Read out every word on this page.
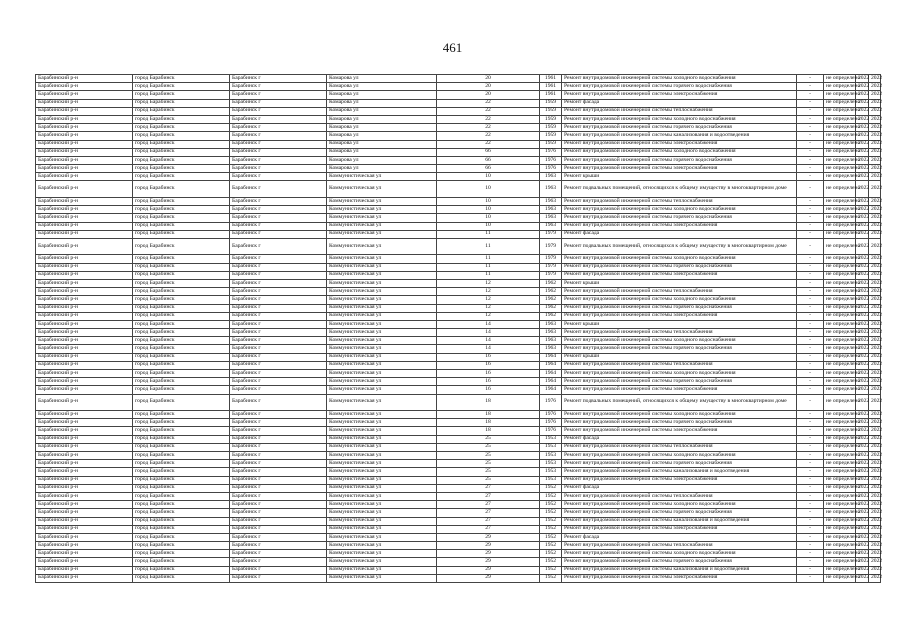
461
Барабинский р-н	город Барабинск	Барабинск г	Комарова ул	20	1961	Ремонт внутридомовой инженерной системы холодного водоснабжения	-	не определено	2022	2022
Барабинский р-н	город Барабинск	Барабинск г	Комарова ул	20	1961	Ремонт внутридомовой инженерной системы горячего водоснабжения	-	не определено	2022	2022
Барабинский р-н	город Барабинск	Барабинск г	Комарова ул	20	1961	Ремонт внутридомовой инженерной системы электроснабжения	-	не определено	2022	2022
Барабинский р-н	город Барабинск	Барабинск г	Комарова ул	22	1959	Ремонт фасада	-	не определено	2022	2022
Барабинский р-н	город Барабинск	Барабинск г	Комарова ул	22	1959	Ремонт внутридомовой инженерной системы теплоснабжения	-	не определено	2022	2022
Барабинский р-н	город Барабинск	Барабинск г	Комарова ул	22	1959	Ремонт внутридомовой инженерной системы холодного водоснабжения	-	не определено	2022	2022
Барабинский р-н	город Барабинск	Барабинск г	Комарова ул	22	1959	Ремонт внутридомовой инженерной системы горячего водоснабжения	-	не определено	2022	2022
Барабинский р-н	город Барабинск	Барабинск г	Комарова ул	22	1959	Ремонт внутридомовой инженерной системы канализования и водоотведения	-	не определено	2022	2022
Барабинский р-н	город Барабинск	Барабинск г	Комарова ул	22	1959	Ремонт внутридомовой инженерной системы электроснабжения	-	не определено	2022	2022
Барабинский р-н	город Барабинск	Барабинск г	Комарова ул	66	1976	Ремонт внутридомовой инженерной системы холодного водоснабжения	-	не определено	2022	2022
Барабинский р-н	город Барабинск	Барабинск г	Комарова ул	66	1976	Ремонт внутридомовой инженерной системы горячего водоснабжения	-	не определено	2022	2022
Барабинский р-н	город Барабинск	Барабинск г	Комарова ул	66	1976	Ремонт внутридомовой инженерной системы электроснабжения	-	не определено	2022	2022
Барабинский р-н	город Барабинск	Барабинск г	Коммунистическая ул	10	1963	Ремонт крыши	-	не определено	2022	2022
Барабинский р-н	город Барабинск	Барабинск г	Коммунистическая ул	10	1963	Ремонт подвальных помещений, относящихся к общему имуществу в многоквартирном доме	-	не определено	2022	2022
Барабинский р-н	город Барабинск	Барабинск г	Коммунистическая ул	10	1963	Ремонт внутридомовой инженерной системы теплоснабжения	-	не определено	2022	2022
Барабинский р-н	город Барабинск	Барабинск г	Коммунистическая ул	10	1963	Ремонт внутридомовой инженерной системы холодного водоснабжения	-	не определено	2022	2022
Барабинский р-н	город Барабинск	Барабинск г	Коммунистическая ул	10	1963	Ремонт внутридомовой инженерной системы горячего водоснабжения	-	не определено	2022	2022
Барабинский р-н	город Барабинск	Барабинск г	Коммунистическая ул	10	1963	Ремонт внутридомовой инженерной системы электроснабжения	-	не определено	2022	2022
Барабинский р-н	город Барабинск	Барабинск г	Коммунистическая ул	11	1979	Ремонт фасада	-	не определено	2022	2022
Барабинский р-н	город Барабинск	Барабинск г	Коммунистическая ул	11	1979	Ремонт подвальных помещений, относящихся к общему имуществу в многоквартирном доме	-	не определено	2022	2022
Барабинский р-н	город Барабинск	Барабинск г	Коммунистическая ул	11	1979	Ремонт внутридомовой инженерной системы холодного водоснабжения	-	не определено	2022	2022
Барабинский р-н	город Барабинск	Барабинск г	Коммунистическая ул	11	1979	Ремонт внутридомовой инженерной системы горячего водоснабжения	-	не определено	2022	2022
Барабинский р-н	город Барабинск	Барабинск г	Коммунистическая ул	11	1979	Ремонт внутридомовой инженерной системы электроснабжения	-	не определено	2022	2022
Барабинский р-н	город Барабинск	Барабинск г	Коммунистическая ул	12	1962	Ремонт крыши	-	не определено	2022	2022
Барабинский р-н	город Барабинск	Барабинск г	Коммунистическая ул	12	1962	Ремонт внутридомовой инженерной системы теплоснабжения	-	не определено	2022	2022
Барабинский р-н	город Барабинск	Барабинск г	Коммунистическая ул	12	1962	Ремонт внутридомовой инженерной системы холодного водоснабжения	-	не определено	2022	2022
Барабинский р-н	город Барабинск	Барабинск г	Коммунистическая ул	12	1962	Ремонт внутридомовой инженерной системы горячего водоснабжения	-	не определено	2022	2022
Барабинский р-н	город Барабинск	Барабинск г	Коммунистическая ул	12	1962	Ремонт внутридомовой инженерной системы электроснабжения	-	не определено	2022	2022
Барабинский р-н	город Барабинск	Барабинск г	Коммунистическая ул	14	1963	Ремонт крыши	-	не определено	2022	2022
Барабинский р-н	город Барабинск	Барабинск г	Коммунистическая ул	14	1963	Ремонт внутридомовой инженерной системы теплоснабжения	-	не определено	2022	2022
Барабинский р-н	город Барабинск	Барабинск г	Коммунистическая ул	14	1963	Ремонт внутридомовой инженерной системы холодного водоснабжения	-	не определено	2022	2022
Барабинский р-н	город Барабинск	Барабинск г	Коммунистическая ул	14	1963	Ремонт внутридомовой инженерной системы горячего водоснабжения	-	не определено	2022	2022
Барабинский р-н	город Барабинск	Барабинск г	Коммунистическая ул	16	1964	Ремонт крыши	-	не определено	2022	2022
Барабинский р-н	город Барабинск	Барабинск г	Коммунистическая ул	16	1964	Ремонт внутридомовой инженерной системы теплоснабжения	-	не определено	2022	2022
Барабинский р-н	город Барабинск	Барабинск г	Коммунистическая ул	16	1964	Ремонт внутридомовой инженерной системы холодного водоснабжения	-	не определено	2022	2022
Барабинский р-н	город Барабинск	Барабинск г	Коммунистическая ул	16	1964	Ремонт внутридомовой инженерной системы горячего водоснабжения	-	не определено	2022	2022
Барабинский р-н	город Барабинск	Барабинск г	Коммунистическая ул	16	1964	Ремонт внутридомовой инженерной системы электроснабжения	-	не определено	2022	2022
Барабинский р-н	город Барабинск	Барабинск г	Коммунистическая ул	18	1976	Ремонт подвальных помещений, относящихся к общему имуществу в многоквартирном доме	-	не определено	2022	2022
Барабинский р-н	город Барабинск	Барабинск г	Коммунистическая ул	18	1976	Ремонт внутридомовой инженерной системы холодного водоснабжения	-	не определено	2022	2022
Барабинский р-н	город Барабинск	Барабинск г	Коммунистическая ул	18	1976	Ремонт внутридомовой инженерной системы горячего водоснабжения	-	не определено	2022	2022
Барабинский р-н	город Барабинск	Барабинск г	Коммунистическая ул	18	1976	Ремонт внутридомовой инженерной системы электроснабжения	-	не определено	2022	2022
Барабинский р-н	город Барабинск	Барабинск г	Коммунистическая ул	25	1953	Ремонт фасада	-	не определено	2022	2022
Барабинский р-н	город Барабинск	Барабинск г	Коммунистическая ул	25	1953	Ремонт внутридомовой инженерной системы теплоснабжения	-	не определено	2022	2022
Барабинский р-н	город Барабинск	Барабинск г	Коммунистическая ул	25	1953	Ремонт внутридомовой инженерной системы холодного водоснабжения	-	не определено	2022	2022
Барабинский р-н	город Барабинск	Барабинск г	Коммунистическая ул	25	1953	Ремонт внутридомовой инженерной системы горячего водоснабжения	-	не определено	2022	2022
Барабинский р-н	город Барабинск	Барабинск г	Коммунистическая ул	25	1953	Ремонт внутридомовой инженерной системы канализования и водоотведения	-	не определено	2022	2022
Барабинский р-н	город Барабинск	Барабинск г	Коммунистическая ул	25	1953	Ремонт внутридомовой инженерной системы электроснабжения	-	не определено	2022	2022
Барабинский р-н	город Барабинск	Барабинск г	Коммунистическая ул	27	1952	Ремонт фасада	-	не определено	2022	2022
Барабинский р-н	город Барабинск	Барабинск г	Коммунистическая ул	27	1952	Ремонт внутридомовой инженерной системы теплоснабжения	-	не определено	2022	2022
Барабинский р-н	город Барабинск	Барабинск г	Коммунистическая ул	27	1952	Ремонт внутридомовой инженерной системы холодного водоснабжения	-	не определено	2022	2022
Барабинский р-н	город Барабинск	Барабинск г	Коммунистическая ул	27	1952	Ремонт внутридомовой инженерной системы горячего водоснабжения	-	не определено	2022	2022
Барабинский р-н	город Барабинск	Барабинск г	Коммунистическая ул	27	1952	Ремонт внутридомовой инженерной системы канализования и водоотведения	-	не определено	2022	2022
Барабинский р-н	город Барабинск	Барабинск г	Коммунистическая ул	27	1952	Ремонт внутридомовой инженерной системы электроснабжения	-	не определено	2022	2022
Барабинский р-н	город Барабинск	Барабинск г	Коммунистическая ул	29	1952	Ремонт фасада	-	не определено	2022	2022
Барабинский р-н	город Барабинск	Барабинск г	Коммунистическая ул	29	1952	Ремонт внутридомовой инженерной системы теплоснабжения	-	не определено	2022	2022
Барабинский р-н	город Барабинск	Барабинск г	Коммунистическая ул	29	1952	Ремонт внутридомовой инженерной системы холодного водоснабжения	-	не определено	2022	2022
Барабинский р-н	город Барабинск	Барабинск г	Коммунистическая ул	29	1952	Ремонт внутридомовой инженерной системы горячего водоснабжения	-	не определено	2022	2022
Барабинский р-н	город Барабинск	Барабинск г	Коммунистическая ул	29	1952	Ремонт внутридомовой инженерной системы канализования и водоотведения	-	не определено	2022	2022
Барабинский р-н	город Барабинск	Барабинск г	Коммунистическая ул	29	1952	Ремонт внутридомовой инженерной системы электроснабжения	-	не определено	2022	2022
